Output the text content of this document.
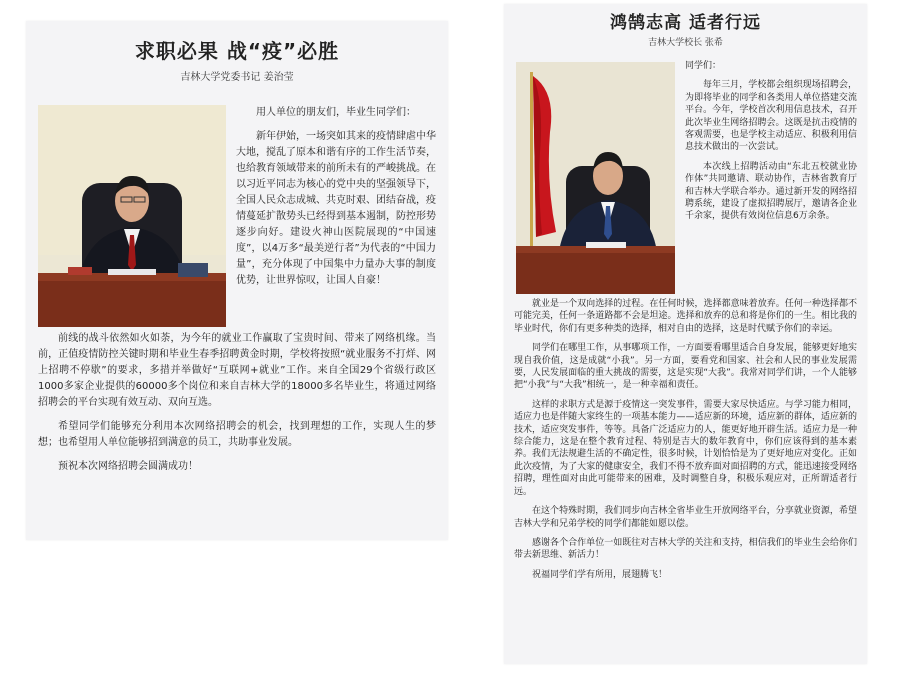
求职必果 战“疫”必胜
吉林大学党委书记 姜治莹

用人单位的朋友们，毕业生同学们：

新年伊始，一场突如其来的疫情肆虐中华大地，搅乱了原本和谐有序的工作生活节奏，也给教育领域带来的前所未有的严峻挑战。在以习近平同志为核心的党中央的坚强领导下，全国人民众志成城、共克时艰、团结奋战，疫情蔓延扩散势头已经得到基本遏制，防控形势逐步向好。建设火神山医院展现的“中国速度”，以4万多“最美逆行者”为代表的“中国力量”，充分体现了中国集中力量办大事的制度优势，让世界惊叹，让国人自豪！

前线的战斗依然如火如荼，为今年的就业工作赢取了宝贵时间、带来了网络机缘。当前，正值疫情防控关键时期和毕业生春季招聘黄金时期，学校将按照“就业服务不打烊、网上招聘不停歇”的要求，多措并举做好“互联网+就业”工作。来自全国29个省级行政区1000多家企业提供的60000多个岗位和来自吉林大学的18000多名毕业生，将通过网络招聘会的平台实现有效互动、双向互选。

希望同学们能够充分利用本次网络招聘会的机会，找到理想的工作，实现人生的梦想；也希望用人单位能够招到满意的员工，共助事业发展。

预祝本次网络招聘会圆满成功！

鸿鹄志高 适者行远
吉林大学校长 张希

同学们：

每年三月，学校都会组织现场招聘会，为即将毕业的同学和各类用人单位搭建交流平台。今年，学校首次利用信息技术，召开此次毕业生网络招聘会。这既是抗击疫情的客观需要，也是学校主动适应、积极利用信息技术做出的一次尝试。

本次线上招聘活动由“东北五校就业协作体”共同邀请、联动协作，吉林省教育厅和吉林大学联合举办。通过新开发的网络招聘系统，建设了虚拟招聘展厅，邀请各企业千余家，提供有效岗位信息6万余条。

就业是一个双向选择的过程。在任何时候，选择都意味着放弃。任何一种选择都不可能完美，任何一条道路都不会是坦途。选择和放弃的总和将是你们的一生。相比我的毕业时代，你们有更多种类的选择，相对自由的选择，这是时代赋予你们的幸运。

同学们在哪里工作，从事哪项工作，一方面要看哪里适合自身发展，能够更好地实现自我价值，这是成就“小我”。另一方面，要看党和国家、社会和人民的事业发展需要，人民发展面临的重大挑战的需要，这是实现“大我”。我常对同学们讲，一个人能够把“小我”与“大我”相统一，是一种幸福和责任。

这样的求职方式是源于疫情这一突发事件，需要大家尽快适应。与学习能力相同，适应力也是伴随大家终生的一项基本能力——适应新的环境，适应新的群体，适应新的技术，适应突发事件，等等。具备广泛适应力的人，能更好地开辟生活。适应力是一种综合能力，这是在整个教育过程、特别是吉大的数年教育中，你们应该得到的基本素养。我们无法规避生活的不确定性，很多时候，计划恰恰是为了更好地应对变化。正如此次疫情，为了大家的健康安全，我们不得不放弃面对面招聘的方式，能迅速接受网络招聘，理性面对由此可能带来的困难，及时调整自身，积极乐观应对，正所谓适者行远。

在这个特殊时期，我们同步向吉林全省毕业生开放网络平台，分享就业资源，希望吉林大学和兄弟学校的同学们都能如愿以偿。

感谢各个合作单位一如既往对吉林大学的关注和支持，相信我们的毕业生会给你们带去新思维、新活力！

祝福同学们学有所用，展翅腾飞！
